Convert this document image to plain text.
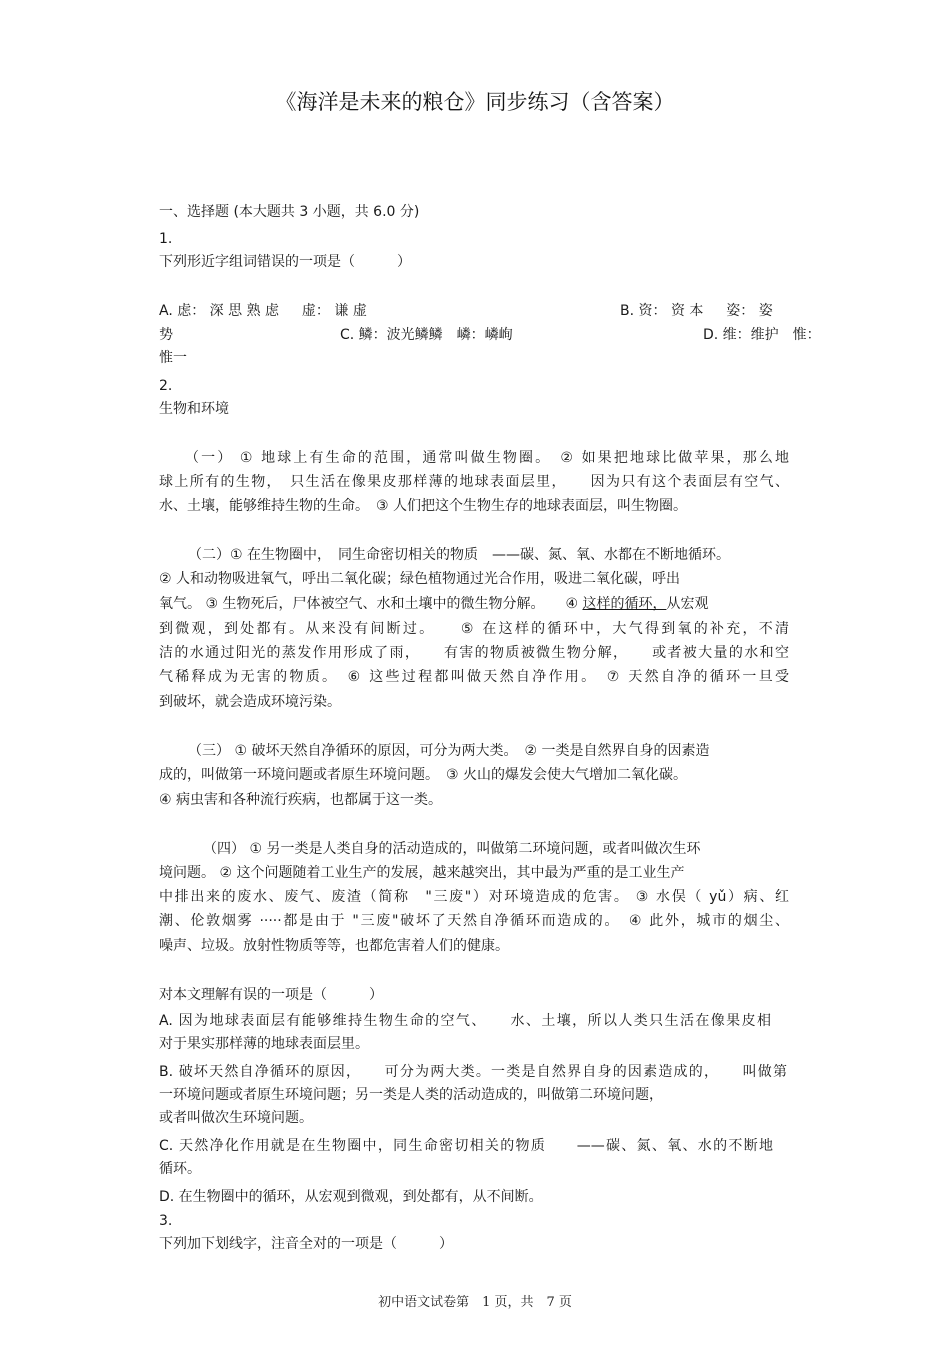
《海洋是未来的粮仓》同步练习（含答案）
一、选择题 (本大题共 3 小题，共 6.0 分)
1.
下列形近字组词错误的一项是（　　　）
A. 虑： 深 思 熟 虑 　 虚： 谦 虚	B. 资： 资 本 　 姿： 姿
势	C. 鳞：波光鳞鳞　嶙：嶙峋	D. 维：维护　惟：
惟一
2.
生物和环境
（一） ① 地球上有生命的范围，通常叫做生物圈。　② 如果把地球比做苹果，那么地
球上所有的生物，　只生活在像果皮那样薄的地球表面层里，　　因为只有这个表面层有空气、
水、土壤，能够维持生物的生命。　③ 人们把这个生物生存的地球表面层，叫生物圈。
（二）① 在生物圈中，　同生命密切相关的物质　——碳、氮、氧、水都在不断地循环。
② 人和动物吸进氧气，呼出二氧化碳；绿色植物通过光合作用，吸进二氧化碳，呼出
氧气。 ③ 生物死后，尸体被空气、水和土壤中的微生物分解。　　④ 这样的循环，从宏观
到微观，到处都有。从来没有间断过。　　⑤ 在这样的循环中，大气得到氧的补充，不清
洁的水通过阳光的蒸发作用形成了雨，　　有害的物质被微生物分解，　　或者被大量的水和空
气稀释成为无害的物质。　⑥ 这些过程都叫做天然自净作用。　⑦ 天然自净的循环一旦受
到破坏，就会造成环境污染。
（三） ① 破坏天然自净循环的原因，可分为两大类。　② 一类是自然界自身的因素造
成的，叫做第一环境问题或者原生环境问题。　③ 火山的爆发会使大气增加二氧化碳。
④ 病虫害和各种流行疾病，也都属于这一类。
（四） ① 另一类是人类自身的活动造成的，叫做第二环境问题，或者叫做次生环
境问题。 ② 这个问题随着工业生产的发展，越来越突出，其中最为严重的是工业生产
中排出来的废水、废气、废渣（简称　"三废"）对环境造成的危害。 ③ 水俣（ yǔ）病、红
潮、伦敦烟雾 ·····都是由于 "三废"破坏了天然自净循环而造成的。　④ 此外，城市的烟尘、
噪声、垃圾。放射性物质等等，也都危害着人们的健康。
对本文理解有误的一项是（　　　）
A. 因为地球表面层有能够维持生物生命的空气、　　水、土壤，所以人类只生活在像果皮相
对于果实那样薄的地球表面层里。
B. 破坏天然自净循环的原因，　　可分为两大类。一类是自然界自身的因素造成的，　　叫做第
一环境问题或者原生环境问题；另一类是人类的活动造成的，叫做第二环境问题，
或者叫做次生环境问题。
C. 天然净化作用就是在生物圈中，同生命密切相关的物质　　——碳、氮、氧、水的不断地
循环。
D. 在生物圈中的循环，从宏观到微观，到处都有，从不间断。
3.
下列加下划线字，注音全对的一项是（　　　）
初中语文试卷第　1 页，共　7 页
